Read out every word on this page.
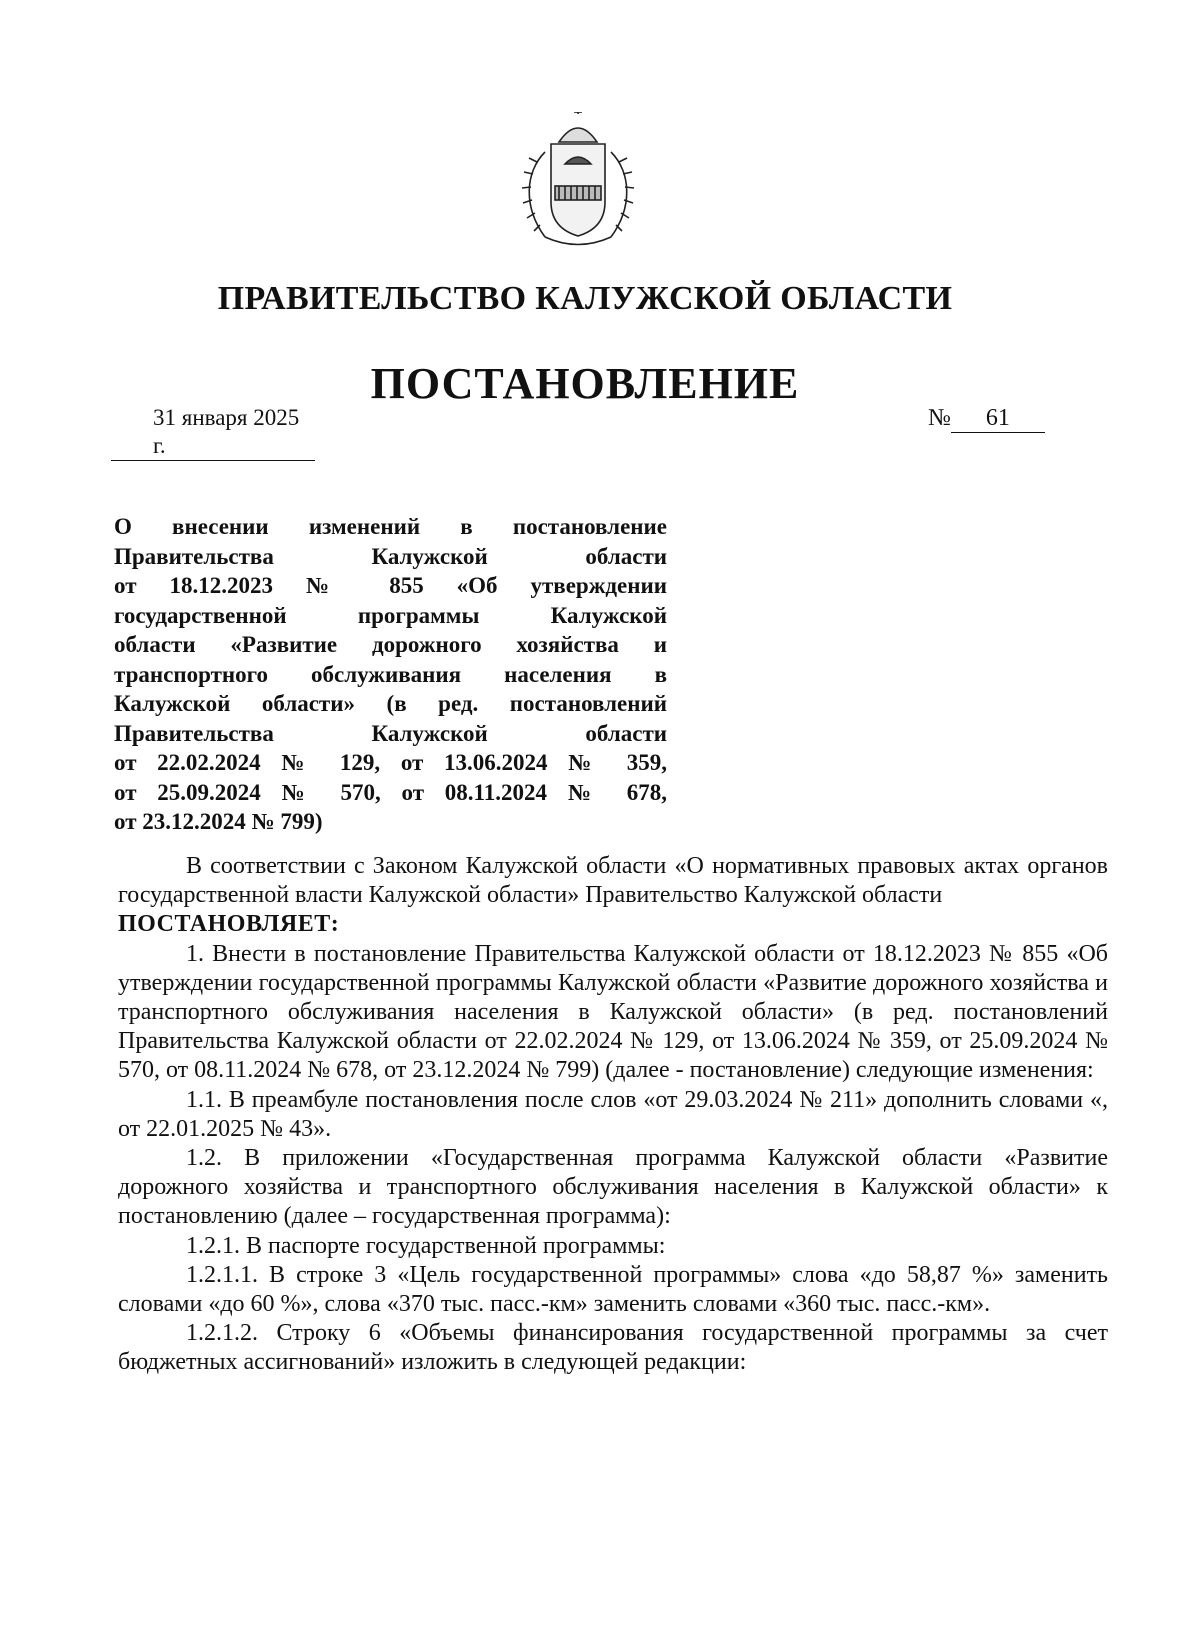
ПРАВИТЕЛЬСТВО КАЛУЖСКОЙ ОБЛАСТИ
ПОСТАНОВЛЕНИЕ
31 января 2025 г.
№ 61
О внесении изменений в постановление
Правительства Калужской области
от 18.12.2023 № 855 «Об утверждении
государственной программы Калужской
области «Развитие дорожного хозяйства и
транспортного обслуживания населения в
Калужской области» (в ред. постановлений
Правительства Калужской области
от 22.02.2024 № 129, от 13.06.2024 № 359,
от 25.09.2024 № 570, от 08.11.2024 № 678,
от 23.12.2024 № 799)

В соответствии с Законом Калужской области «О нормативных правовых актах органов государственной власти Калужской области» Правительство Калужской области

ПОСТАНОВЛЯЕТ:

1. Внести в постановление Правительства Калужской области от 18.12.2023 № 855 «Об утверждении государственной программы Калужской области «Развитие дорожного хозяйства и транспортного обслуживания населения в Калужской области» (в ред. постановлений Правительства Калужской области от 22.02.2024 № 129, от 13.06.2024 № 359, от 25.09.2024 № 570, от 08.11.2024 № 678, от 23.12.2024 № 799) (далее - постановление) следующие изменения:

1.1. В преамбуле постановления после слов «от 29.03.2024 № 211» дополнить словами «, от 22.01.2025 № 43».

1.2. В приложении «Государственная программа Калужской области «Развитие дорожного хозяйства и транспортного обслуживания населения в Калужской области» к постановлению (далее – государственная программа):

1.2.1. В паспорте государственной программы:

1.2.1.1. В строке 3 «Цель государственной программы» слова «до 58,87 %» заменить словами «до 60 %», слова «370 тыс. пасс.-км» заменить словами «360 тыс. пасс.-км».

1.2.1.2. Строку 6 «Объемы финансирования государственной программы за счет бюджетных ассигнований» изложить в следующей редакции:
